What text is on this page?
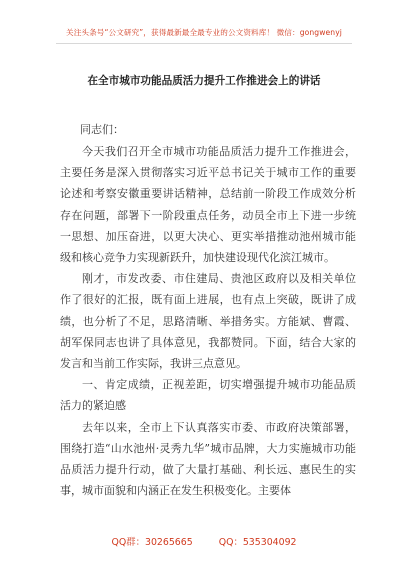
关注头条号“公文研究”，获得最新最全最专业的公文资料库！ 微信：gongwenyj
在全市城市功能品质活力提升工作推进会上的讲话
同志们：

今天我们召开全市城市功能品质活力提升工作推进会，主要任务是深入贯彻落实习近平总书记关于城市工作的重要论述和考察安徽重要讲话精神，总结前一阶段工作成效分析存在问题，部署下一阶段重点任务，动员全市上下进一步统一思想、加压奋进，以更大决心、更实举措推动池州城市能级和核心竞争力实现新跃升，加快建设现代化滨江城市。

刚才，市发改委、市住建局、贵池区政府以及相关单位作了很好的汇报，既有面上进展，也有点上突破，既讲了成绩，也分析了不足，思路清晰、举措务实。方能斌、曹霞、胡军保同志也讲了具体意见，我都赞同。下面，结合大家的发言和当前工作实际，我讲三点意见。

一、肯定成绩，正视差距，切实增强提升城市功能品质活力的紧迫感

去年以来，全市上下认真落实市委、市政府决策部署，围绕打造“山水池州·灵秀九华”城市品牌，大力实施城市功能品质活力提升行动，做了大量打基础、利长远、惠民生的实事，城市面貌和内涵正在发生积极变化。主要体

QQ群：30265665	QQ：535304092
